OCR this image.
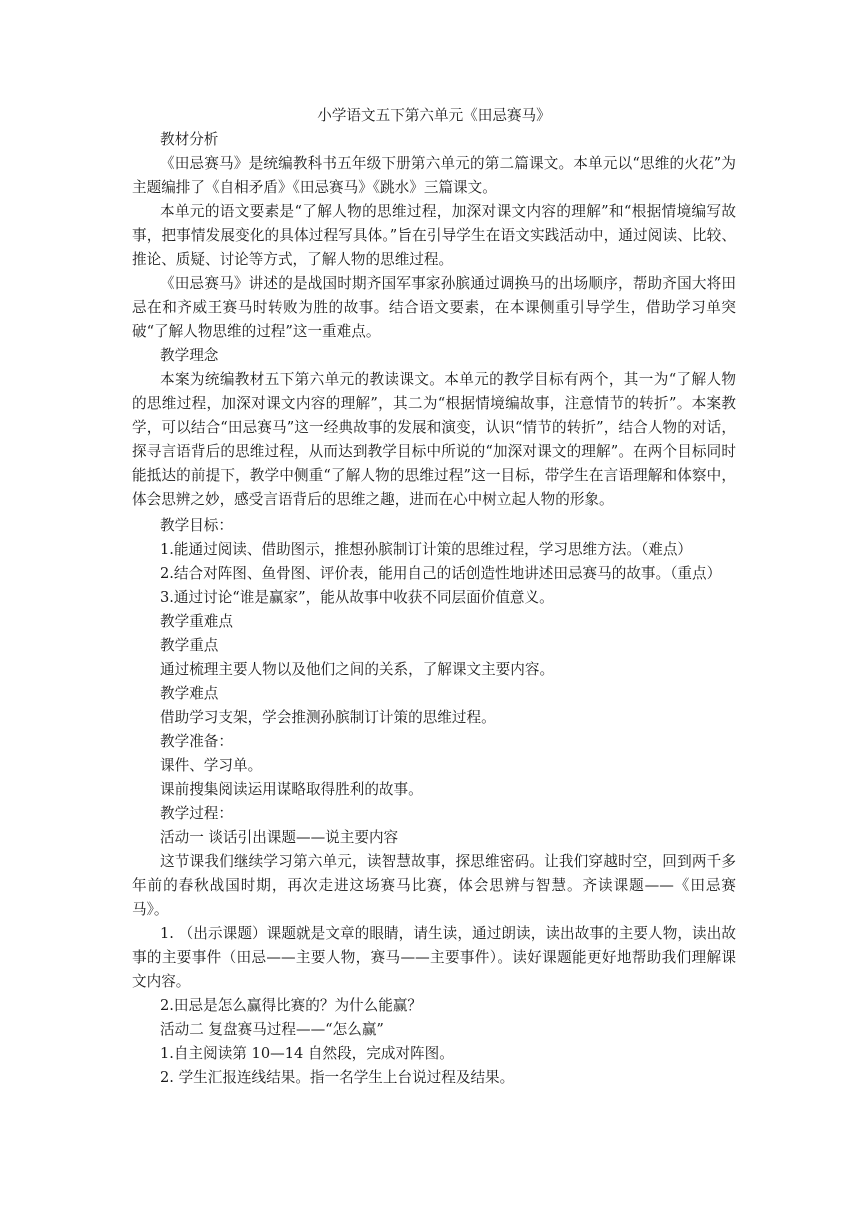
小学语文五下第六单元《田忌赛马》

教材分析

《田忌赛马》是统编教科书五年级下册第六单元的第二篇课文。本单元以“思维的火花”为主题编排了《自相矛盾》《田忌赛马》《跳水》三篇课文。

本单元的语文要素是“了解人物的思维过程，加深对课文内容的理解”和“根据情境编写故事，把事情发展变化的具体过程写具体。”旨在引导学生在语文实践活动中，通过阅读、比较、推论、质疑、讨论等方式，了解人物的思维过程。

《田忌赛马》讲述的是战国时期齐国军事家孙膑通过调换马的出场顺序，帮助齐国大将田忌在和齐威王赛马时转败为胜的故事。结合语文要素，在本课侧重引导学生，借助学习单突破“了解人物思维的过程”这一重难点。

教学理念

本案为统编教材五下第六单元的教读课文。本单元的教学目标有两个，其一为“了解人物的思维过程，加深对课文内容的理解”，其二为“根据情境编故事，注意情节的转折”。本案教学，可以结合“田忌赛马”这一经典故事的发展和演变，认识“情节的转折”，结合人物的对话，探寻言语背后的思维过程，从而达到教学目标中所说的“加深对课文的理解”。在两个目标同时能抵达的前提下，教学中侧重“了解人物的思维过程”这一目标，带学生在言语理解和体察中，体会思辨之妙，感受言语背后的思维之趣，进而在心中树立起人物的形象。

教学目标：

1.能通过阅读、借助图示，推想孙膑制订计策的思维过程，学习思维方法。（难点）

2.结合对阵图、鱼骨图、评价表，能用自己的话创造性地讲述田忌赛马的故事。（重点）

3.通过讨论“谁是赢家”，能从故事中收获不同层面价值意义。

教学重难点

教学重点

通过梳理主要人物以及他们之间的关系，了解课文主要内容。

教学难点

借助学习支架，学会推测孙膑制订计策的思维过程。

教学准备：

课件、学习单。

课前搜集阅读运用谋略取得胜利的故事。

教学过程：

活动一 谈话引出课题——说主要内容

这节课我们继续学习第六单元，读智慧故事，探思维密码。让我们穿越时空，回到两千多年前的春秋战国时期，再次走进这场赛马比赛，体会思辨与智慧。齐读课题——《田忌赛马》。

1. （出示课题）课题就是文章的眼睛，请生读，通过朗读，读出故事的主要人物，读出故事的主要事件（田忌——主要人物，赛马——主要事件）。读好课题能更好地帮助我们理解课文内容。

2.田忌是怎么赢得比赛的？为什么能赢？

活动二 复盘赛马过程——“怎么赢”

1.自主阅读第 10—14 自然段，完成对阵图。

2. 学生汇报连线结果。指一名学生上台说过程及结果。
